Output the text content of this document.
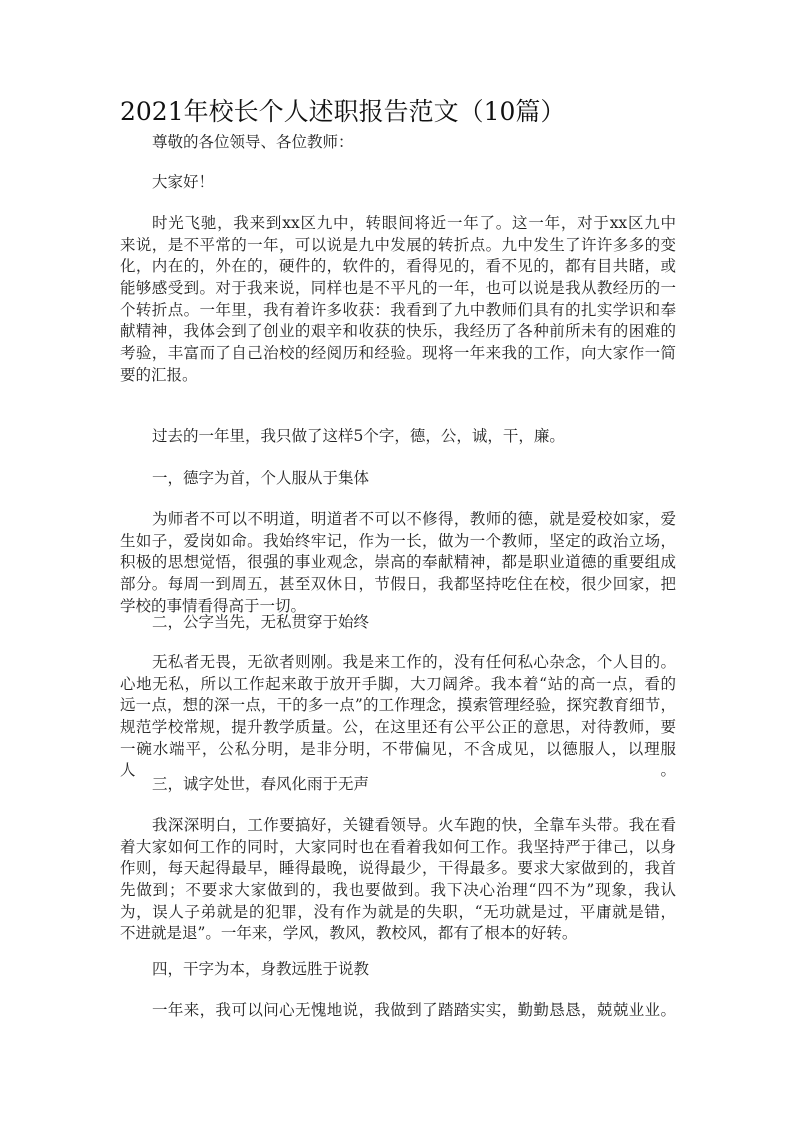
2021年校长个人述职报告范文（10篇）
尊敬的各位领导、各位教师：
大家好！
时光飞驰，我来到xx区九中，转眼间将近一年了。这一年，对于xx区九中
来说，是不平常的一年，可以说是九中发展的转折点。九中发生了许许多多的变
化，内在的，外在的，硬件的，软件的，看得见的，看不见的，都有目共睹，或
能够感受到。对于我来说，同样也是不平凡的一年，也可以说是我从教经历的一
个转折点。一年里，我有着许多收获：我看到了九中教师们具有的扎实学识和奉
献精神，我体会到了创业的艰辛和收获的快乐，我经历了各种前所未有的困难的
考验，丰富而了自己治校的经阅历和经验。现将一年来我的工作，向大家作一简
要的汇报。
过去的一年里，我只做了这样5个字，德，公，诚，干，廉。
一，德字为首，个人服从于集体
为师者不可以不明道，明道者不可以不修得，教师的德，就是爱校如家，爱
生如子，爱岗如命。我始终牢记，作为一长，做为一个教师，坚定的政治立场，
积极的思想觉悟，很强的事业观念，崇高的奉献精神，都是职业道德的重要组成
部分。每周一到周五，甚至双休日，节假日，我都坚持吃住在校，很少回家，把
学校的事情看得高于一切。
二，公字当先，无私贯穿于始终
无私者无畏，无欲者则刚。我是来工作的，没有任何私心杂念，个人目的。
心地无私，所以工作起来敢于放开手脚，大刀阔斧。我本着“站的高一点，看的
远一点，想的深一点，干的多一点”的工作理念，摸索管理经验，探究教育细节，
规范学校常规，提升教学质量。公，在这里还有公平公正的意思，对待教师，要
一碗水端平，公私分明，是非分明，不带偏见，不含成见，以德服人，以理服人。
三，诚字处世，春风化雨于无声
我深深明白，工作要搞好，关键看领导。火车跑的快，全靠车头带。我在看
着大家如何工作的同时，大家同时也在看着我如何工作。我坚持严于律己，以身
作则，每天起得最早，睡得最晚，说得最少，干得最多。要求大家做到的，我首
先做到；不要求大家做到的，我也要做到。我下决心治理“四不为”现象，我认
为，误人子弟就是的犯罪，没有作为就是的失职，“无功就是过，平庸就是错，
不进就是退”。一年来，学风，教风，教校风，都有了根本的好转。
四，干字为本，身教远胜于说教
一年来，我可以问心无愧地说，我做到了踏踏实实，勤勤恳恳，兢兢业业。
